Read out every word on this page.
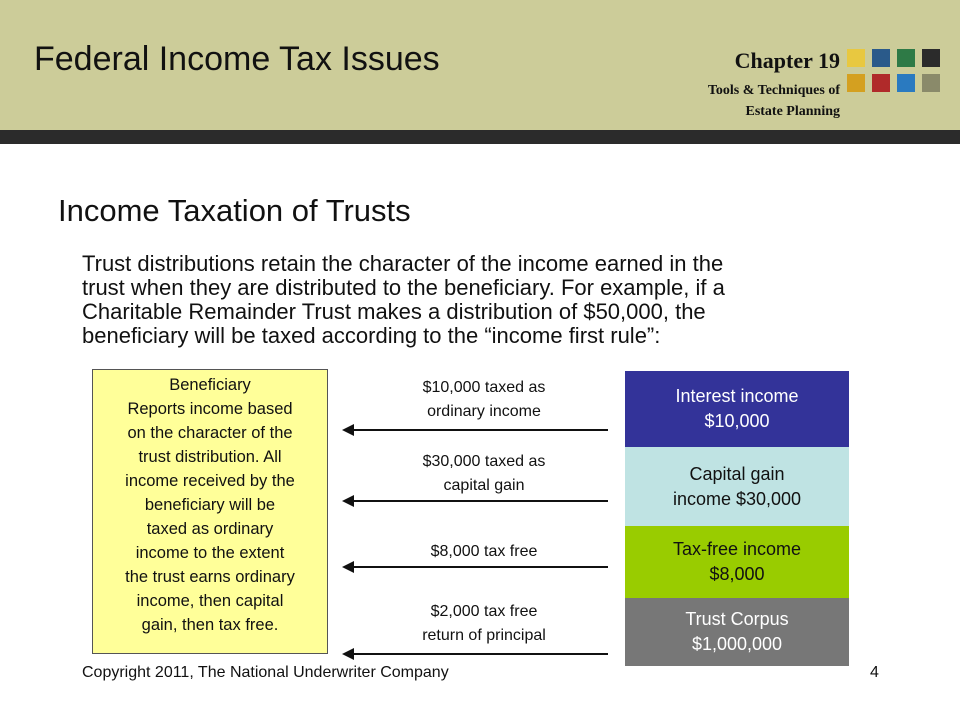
Federal Income Tax Issues	Chapter 19
Tools & Techniques of
Estate Planning
Income Taxation of Trusts
Trust distributions retain the character of the income earned in the
trust when they are distributed to the beneficiary. For example, if a
Charitable Remainder Trust makes a distribution of $50,000, the
beneficiary will be taxed according to the “income first rule”:
Beneficiary
Reports income based
on the character of the
trust distribution. All
income received by the
beneficiary will be
taxed as ordinary
income to the extent
the trust earns ordinary
income, then capital
gain, then tax free.
$10,000 taxed as
ordinary income
$30,000 taxed as
capital gain
$8,000 tax free
$2,000 tax free
return of principal
Interest income
$10,000
Capital gain
income $30,000
Tax-free income
$8,000
Trust Corpus
$1,000,000
Copyright 2011, The National Underwriter Company	4
